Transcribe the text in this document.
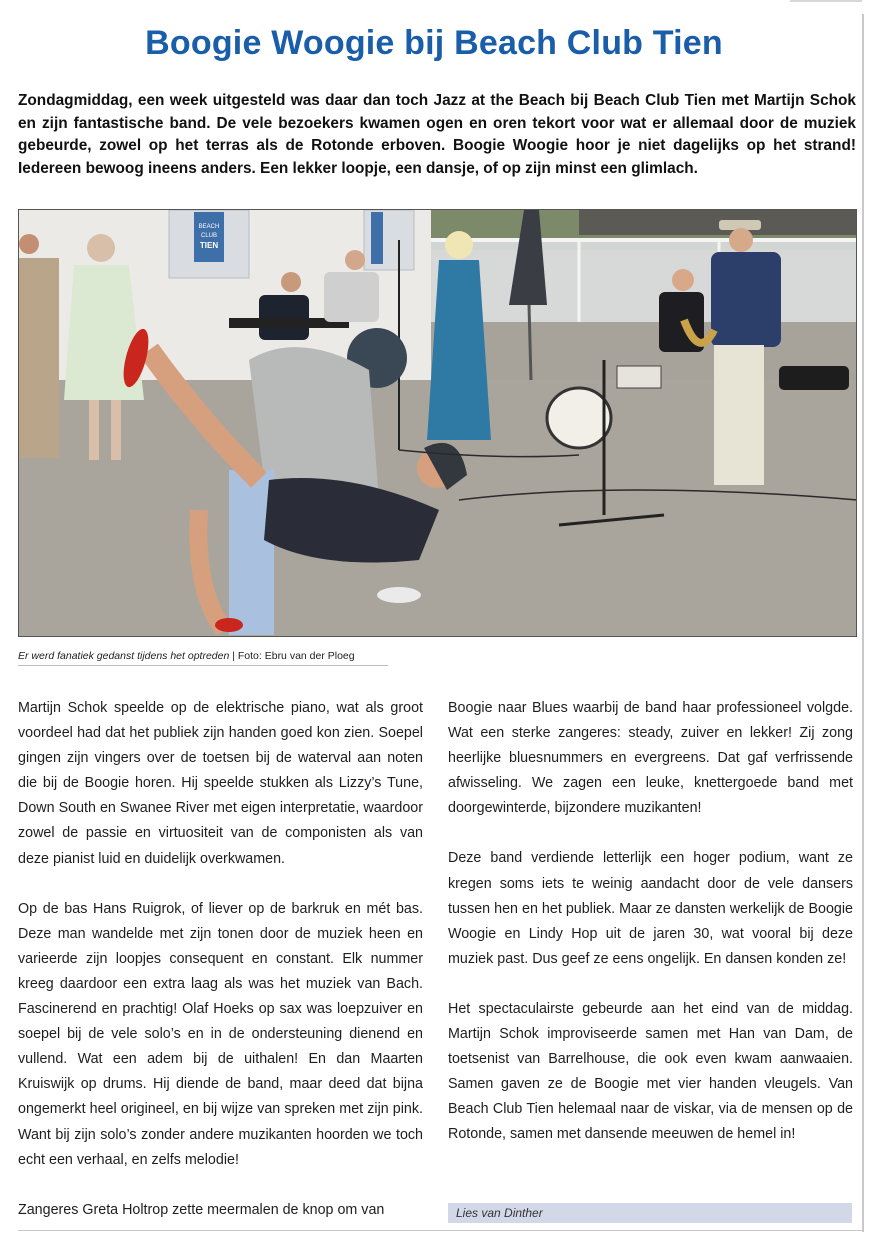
Boogie Woogie bij Beach Club Tien

Zondagmiddag, een week uitgesteld was daar dan toch Jazz at the Beach bij Beach Club Tien met Martijn Schok en zijn fantastische band. De vele bezoekers kwamen ogen en oren tekort voor wat er allemaal door de muziek gebeurde, zowel op het terras als de Rotonde erboven. Boogie Woogie hoor je niet dagelijks op het strand! Iedereen bewoog ineens anders. Een lekker loopje, een dansje, of op zijn minst een glimlach.

BEACH
CLUB
TIEN
Er werd fanatiek gedanst tijdens het optreden | Foto: Ebru van der Ploeg

Martijn Schok speelde op de elektrische piano, wat als groot voordeel had dat het publiek zijn handen goed kon zien. Soepel gingen zijn vingers over de toetsen bij de waterval aan noten die bij de Boogie horen. Hij speelde stukken als Lizzy’s Tune, Down South en Swanee River met eigen interpretatie, waardoor zowel de passie en virtuositeit van de componisten als van deze pianist luid en duidelijk overkwamen.

Op de bas Hans Ruigrok, of liever op de barkruk en mét bas. Deze man wandelde met zijn tonen door de muziek heen en varieerde zijn loopjes consequent en constant. Elk nummer kreeg daardoor een extra laag als was het muziek van Bach. Fascinerend en prachtig! Olaf Hoeks op sax was loepzuiver en soepel bij de vele solo’s en in de ondersteuning dienend en vullend. Wat een adem bij de uithalen! En dan Maarten Kruiswijk op drums. Hij diende de band, maar deed dat bijna ongemerkt heel origineel, en bij wijze van spreken met zijn pink. Want bij zijn solo’s zonder andere muzikanten hoorden we toch echt een verhaal, en zelfs melodie!

Zangeres Greta Holtrop zette meermalen de knop om van

Boogie naar Blues waarbij de band haar professioneel volgde. Wat een sterke zangeres: steady, zuiver en lekker! Zij zong heerlijke bluesnummers en evergreens. Dat gaf verfrissende afwisseling. We zagen een leuke, knettergoede band met doorgewinterde, bijzondere muzikanten!

Deze band verdiende letterlijk een hoger podium, want ze kregen soms iets te weinig aandacht door de vele dansers tussen hen en het publiek. Maar ze dansten werkelijk de Boogie Woogie en Lindy Hop uit de jaren 30, wat vooral bij deze muziek past. Dus geef ze eens ongelijk. En dansen konden ze!

Het spectaculairste gebeurde aan het eind van de middag. Martijn Schok improviseerde samen met Han van Dam, de toetsenist van Barrelhouse, die ook even kwam aanwaaien. Samen gaven ze de Boogie met vier handen vleugels. Van Beach Club Tien helemaal naar de viskar, via de mensen op de Rotonde, samen met dansende meeuwen de hemel in!

Lies van Dinther
